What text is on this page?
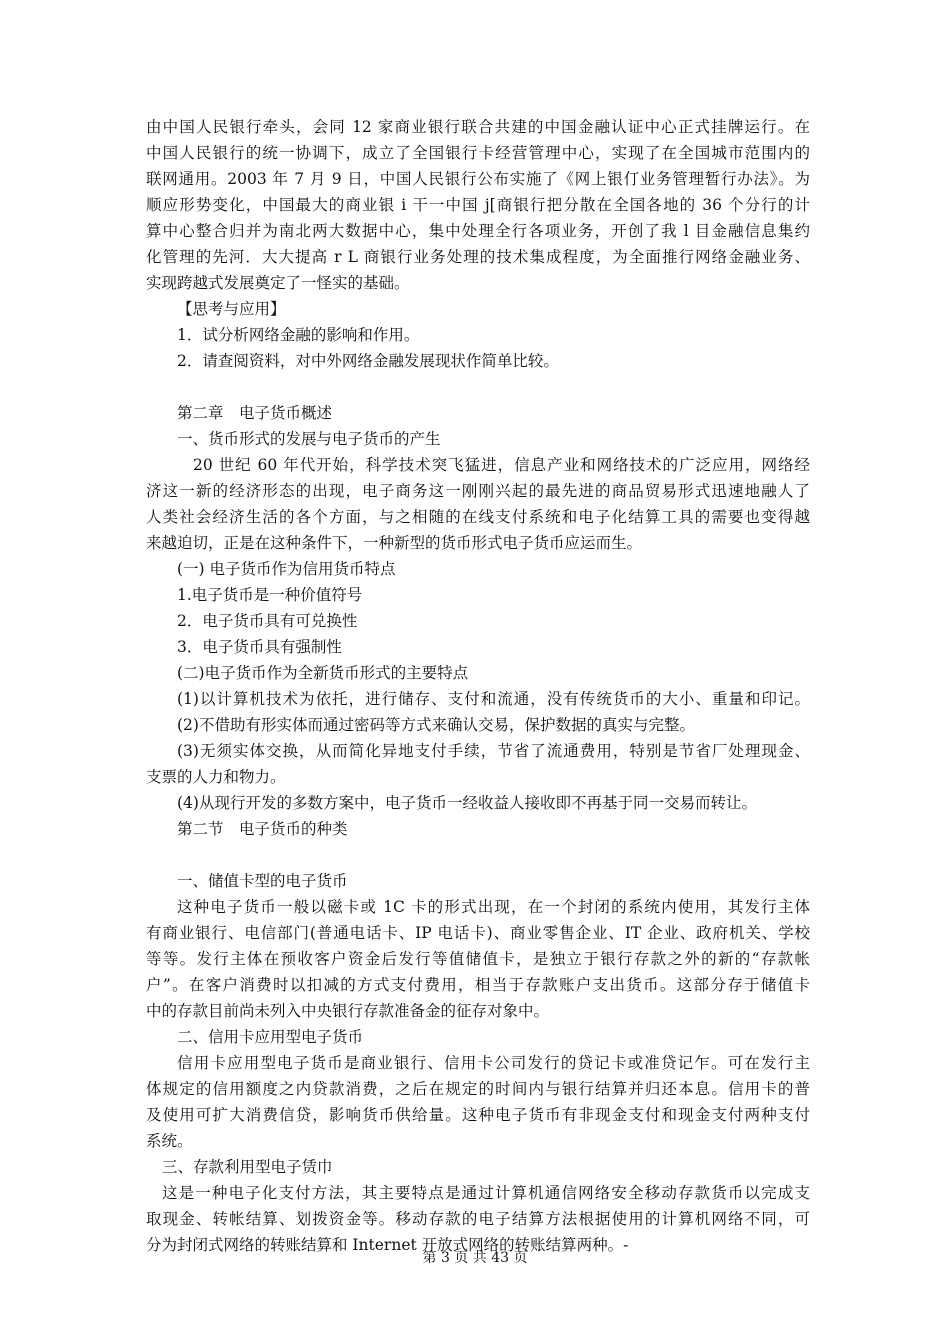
由中国人民银行牵头，会同 12 家商业银行联合共建的中国金融认证中心正式挂牌运行。在
中国人民银行的统一协调下，成立了全国银行卡经营管理中心，实现了在全国城市范围内的
联网通用。2003 年 7 月 9 日，中国人民银行公布实施了《网上银仃业务管理暂行办法》。为
顺应形势变化，中国最大的商业银 i 干一中国 j[商银行把分散在全国各地的 36 个分行的计
算中心整合归并为南北两大数据中心，集中处理全行各项业务，开创了我 l 目金融信息集约
化管理的先河．大大提高 r L 商银行业务处理的技术集成程度，为全面推行网络金融业务、
实现跨越式发展奠定了一怪实的基础。
【思考与应用】
1．试分析网络金融的影响和作用。
2．请查阅资料，对中外网络金融发展现状作简单比较。
第二章　电子货币概述
一、货币形式的发展与电子货币的产生
20 世纪 60 年代开始，科学技术突飞猛进，信息产业和网络技术的广泛应用，网络经
济这一新的经济形态的出现，电子商务这一刚刚兴起的最先进的商品贸易形式迅速地融人了
人类社会经济生活的各个方面，与之相随的在线支付系统和电子化结算工具的需要也变得越
来越迫切，正是在这种条件下，一种新型的货币形式电子货币应运而生。
(一) 电子货币作为信用货币特点
1.电子货币是一种价值符号
2．电子货币具有可兑换性
3．电子货币具有强制性
(二)电子货币作为全新货币形式的主要特点
(1)以计算机技术为依托，进行储存、支付和流通，没有传统货币的大小、重量和印记。
(2)不借助有形实体而通过密码等方式来确认交易，保护数据的真实与完整。
(3)无须实体交换，从而简化异地支付手续，节省了流通费用，特别是节省厂处理现金、
支票的人力和物力。
(4)从现行开发的多数方案中，电子货币一经收益人接收即不再基于同一交易而转让。
第二节　电子货币的种类
一、储值卡型的电子货币
这种电子货币一般以磁卡或 1C 卡的形式出现，在一个封闭的系统内使用，其发行主体
有商业银行、电信部门(普通电话卡、IP 电话卡)、商业零售企业、IT 企业、政府机关、学校
等等。发行主体在预收客户资金后发行等值储值卡，是独立于银行存款之外的新的“存款帐
户”。在客户消费时以扣减的方式支付费用，相当于存款账户支出货币。这部分存于储值卡
中的存款目前尚未列入中央银行存款准备金的征存对象中。
二、信用卡应用型电子货币
信用卡应用型电子货币是商业银行、信用卡公司发行的贷记卡或准贷记乍。可在发行主
体规定的信用额度之内贷款消费，之后在规定的时间内与银行结算并归还本息。信用卡的普
及使用可扩大消费信贷，影响货币供给量。这种电子货币有非现金支付和现金支付两种支付
系统。
三、存款利用型电子赁巾
这是一种电子化支付方法，其主要特点是通过计算机通信网络安全移动存款货币以完成支
取现金、转帐结算、划拨资金等。移动存款的电子结算方法根据使用的计算机网络不同，可
分为封闭式网络的转账结算和 Internet 开放式网络的转账结算两种。-
第 3 页 共 43 页
